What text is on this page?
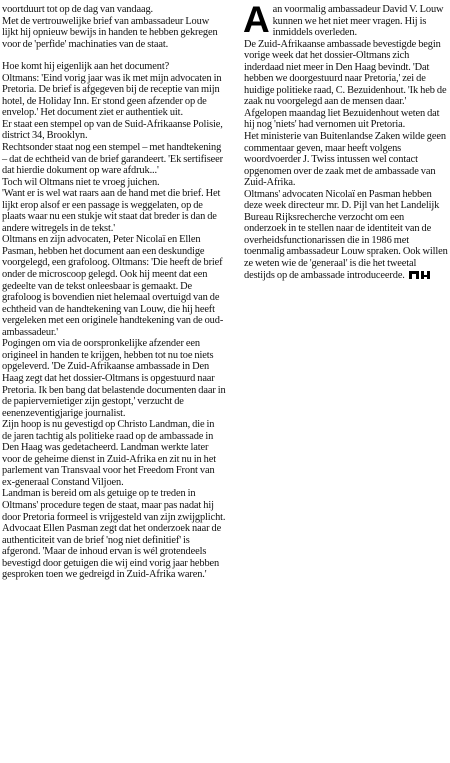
voortduurt tot op de dag van vandaag.

Met de vertrouwelijke brief van ambassadeur Louw lijkt hij opnieuw bewijs in handen te hebben gekregen voor de 'perfide' machinaties van de staat.

Hoe komt hij eigenlijk aan het document?

Oltmans: 'Eind vorig jaar was ik met mijn advocaten in Pretoria. De brief is afgegeven bij de receptie van mijn hotel, de Holiday Inn. Er stond geen afzender op de envelop.' Het document ziet er authentiek uit.

Er staat een stempel op van de Suid-Afrikaanse Polisie, district 34, Brooklyn.

Rechtsonder staat nog een stempel – met handtekening – dat de echtheid van de brief garandeert. 'Ek sertifiseer dat hierdie dokument op ware afdruk...'

Toch wil Oltmans niet te vroeg juichen.

'Want er is wel wat raars aan de hand met die brief. Het lijkt erop alsof er een passage is weggelaten, op de plaats waar nu een stukje wit staat dat breder is dan de andere witregels in de tekst.'

Oltmans en zijn advocaten, Peter Nicolaï en Ellen Pasman, hebben het document aan een deskundige voorgelegd, een grafoloog. Oltmans: 'Die heeft de brief onder de microscoop gelegd. Ook hij meent dat een gedeelte van de tekst onleesbaar is gemaakt. De grafoloog is bovendien niet helemaal overtuigd van de echtheid van de handtekening van Louw, die hij heeft vergeleken met een originele handtekening van de oud-ambassadeur.'

Pogingen om via de oorspronkelijke afzender een origineel in handen te krijgen, hebben tot nu toe niets opgeleverd. 'De Zuid-Afrikaanse ambassade in Den Haag zegt dat het dossier-Oltmans is opgestuurd naar Pretoria. Ik ben bang dat belastende documenten daar in de papiervernietiger zijn gestopt,' verzucht de eenenzeventigjarige journalist.

Zijn hoop is nu gevestigd op Christo Landman, die in de jaren tachtig als politieke raad op de ambassade in Den Haag was gedetacheerd. Landman werkte later voor de geheime dienst in Zuid-Afrika en zit nu in het parlement van Transvaal voor het Freedom Front van ex-generaal Constand Viljoen.

Landman is bereid om als getuige op te treden in Oltmans' procedure tegen de staat, maar pas nadat hij door Pretoria formeel is vrijgesteld van zijn zwijgplicht.

Advocaat Ellen Pasman zegt dat het onderzoek naar de authenticiteit van de brief 'nog niet definitief' is afgerond. 'Maar de inhoud ervan is wél grotendeels bevestigd door getuigen die wij eind vorig jaar hebben gesproken toen we gedreigd in Zuid-Afrika waren.'

Aan voormalig ambassadeur David V. Louw kunnen we het niet meer vragen. Hij is inmiddels overleden.

De Zuid-Afrikaanse ambassade bevestigde begin vorige week dat het dossier-Oltmans zich inderdaad niet meer in Den Haag bevindt. 'Dat hebben we doorgestuurd naar Pretoria,' zei de huidige politieke raad, C. Bezuidenhout. 'Ik heb de zaak nu voorgelegd aan de mensen daar.' Afgelopen maandag liet Bezuidenhout weten dat hij nog 'niets' had vernomen uit Pretoria.

Het ministerie van Buitenlandse Zaken wilde geen commentaar geven, maar heeft volgens woordvoerder J. Twiss intussen wel contact opgenomen over de zaak met de ambassade van Zuid-Afrika.

Oltmans' advocaten Nicolaï en Pasman hebben deze week directeur mr. D. Pijl van het Landelijk Bureau Rijksrecherche verzocht om een onderzoek in te stellen naar de identiteit van de overheidsfunctionarissen die in 1986 met toenmalig ambassadeur Louw spraken. Ook willen ze weten wie de 'generaal' is die het tweetal destijds op de ambassade introduceerde.
